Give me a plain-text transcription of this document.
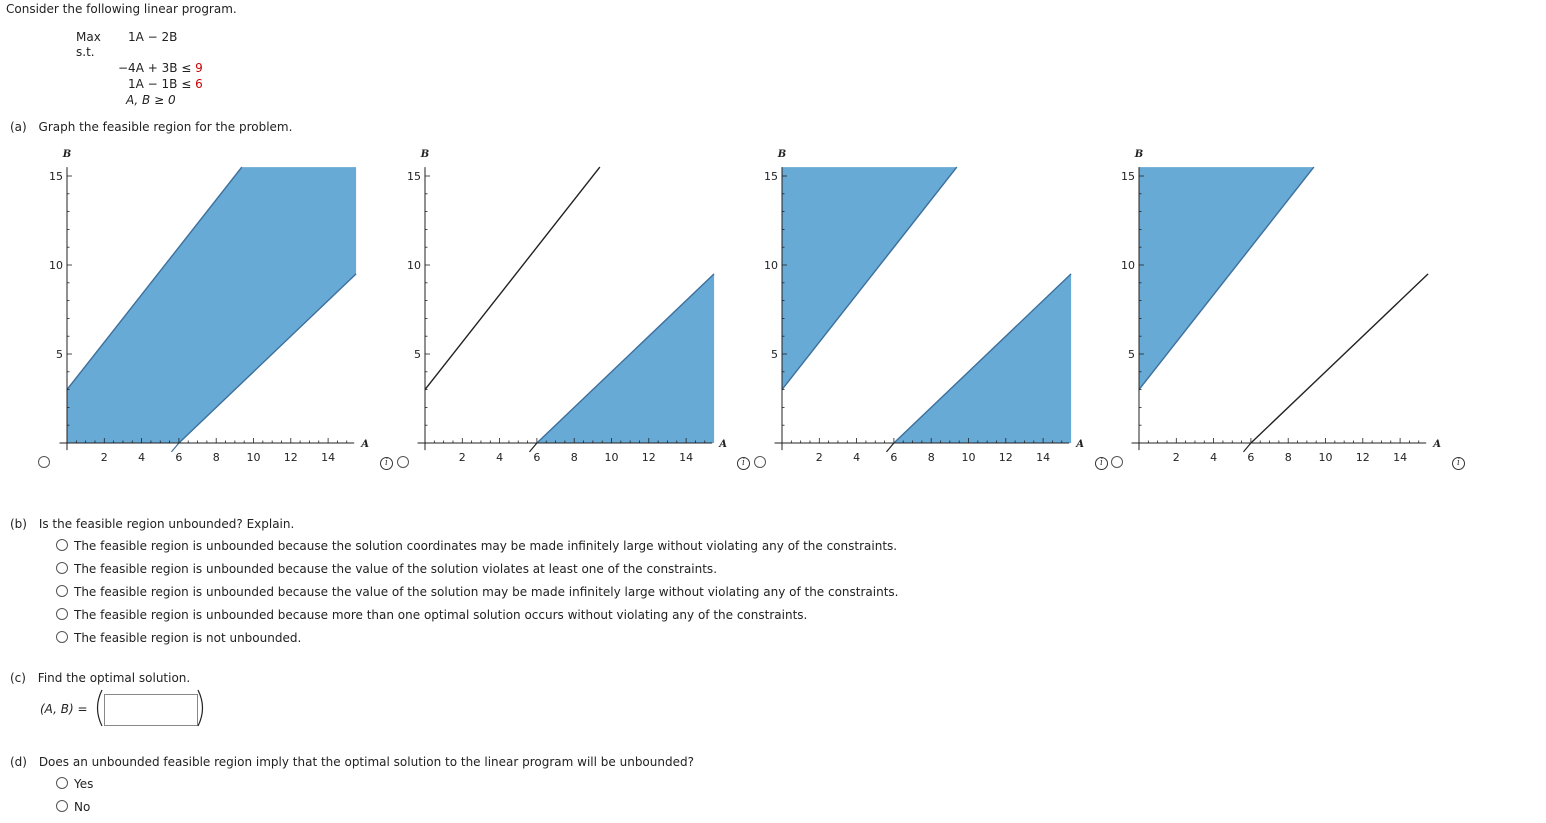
Consider the following linear program.
Max 1A − 2B
s.t.
−4A + 3B ≤ 9
1A − 1B ≤ 6
A, B ≥ 0
(a) Graph the feasible region for the problem.
2	4	6	8 10 12 14
5
10
15
A
B
2	4	6	8 10 12 14
5
10
15
A
B
2	4	6	8 10 12 14
5
10
15
A
B
2	4	6	8 10 12 14
5
10
15
A
B
i	i	i	i
(b) Is the feasible region unbounded? Explain.
The feasible region is unbounded because the solution coordinates may be made infinitely large without violating any of the constraints.
The feasible region is unbounded because the value of the solution violates at least one of the constraints.
The feasible region is unbounded because the value of the solution may be made infinitely large without violating any of the constraints.
The feasible region is unbounded because more than one optimal solution occurs without violating any of the constraints.
The feasible region is not unbounded.
(c) Find the optimal solution.
(A, B) =
(d) Does an unbounded feasible region imply that the optimal solution to the linear program will be unbounded?
Yes
No
